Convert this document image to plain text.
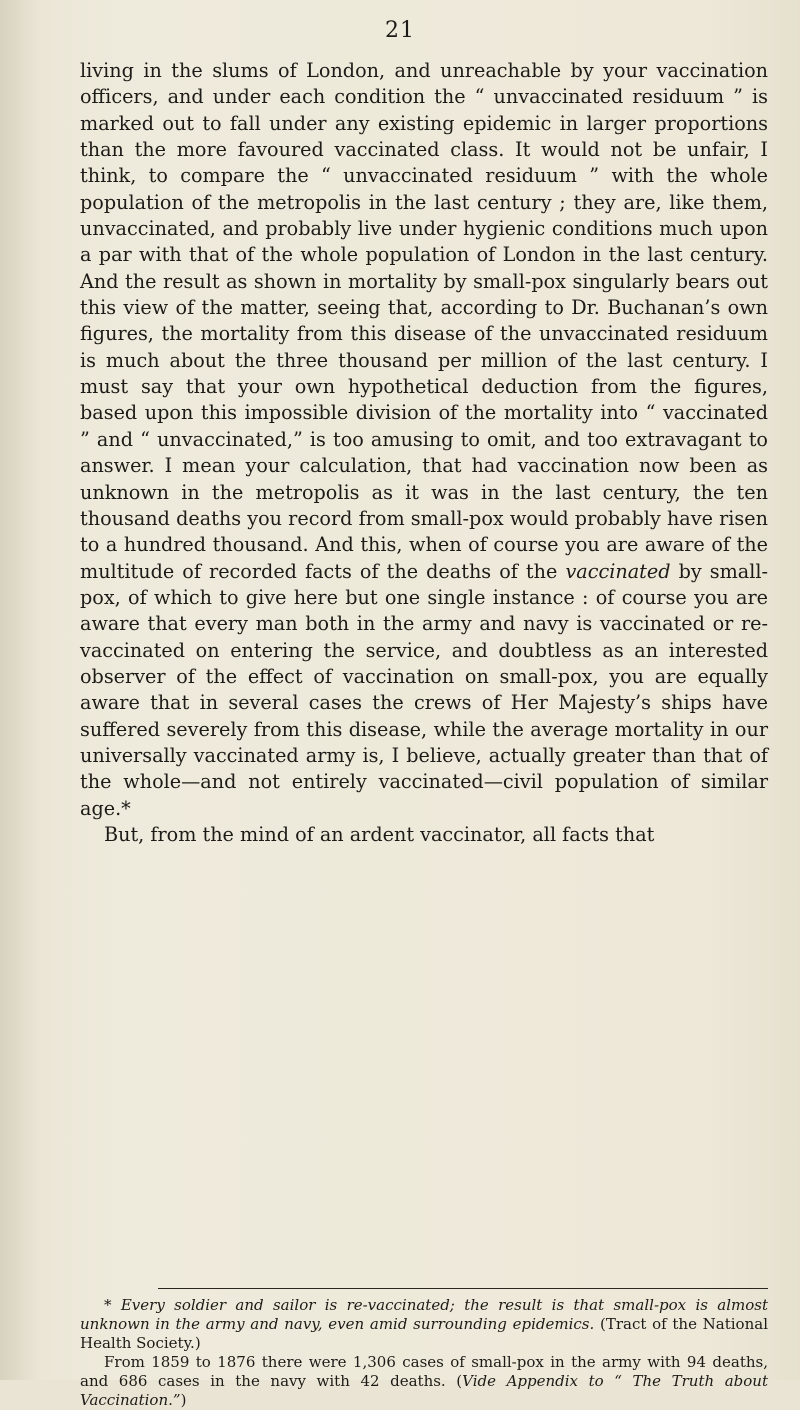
21

living in the slums of London, and unreachable by your vaccination officers, and under each condition the “ unvaccinated residuum ” is marked out to fall under any existing epidemic in larger proportions than the more favoured vaccinated class. It would not be unfair, I think, to compare the “ unvaccinated residuum ” with the whole population of the metropolis in the last century ; they are, like them, unvaccinated, and probably live under hygienic conditions much upon a par with that of the whole population of London in the last century. And the result as shown in mortality by small-pox singularly bears out this view of the matter, seeing that, according to Dr. Buchanan’s own figures, the mortality from this disease of the unvaccinated residuum is much about the three thousand per million of the last century. I must say that your own hypothetical deduction from the figures, based upon this impossible division of the mortality into “ vaccinated ” and “ unvaccinated,” is too amusing to omit, and too extravagant to answer. I mean your calculation, that had vaccination now been as unknown in the metropolis as it was in the last century, the ten thousand deaths you record from small-pox would probably have risen to a hundred thousand. And this, when of course you are aware of the multitude of recorded facts of the deaths of the vaccinated by small-pox, of which to give here but one single instance : of course you are aware that every man both in the army and navy is vaccinated or re-vaccinated on entering the service, and doubtless as an interested observer of the effect of vaccination on small-pox, you are equally aware that in several cases the crews of Her Majesty’s ships have suffered severely from this disease, while the average mortality in our universally vaccinated army is, I believe, actually greater than that of the whole—and not entirely vaccinated—civil population of similar age.*

But, from the mind of an ardent vaccinator, all facts that

* Every soldier and sailor is re-vaccinated; the result is that small-pox is almost unknown in the army and navy, even amid surrounding epidemics. (Tract of the National Health Society.)

From 1859 to 1876 there were 1,306 cases of small-pox in the army with 94 deaths, and 686 cases in the navy with 42 deaths. (Vide Appendix to “ The Truth about Vaccination.”)
